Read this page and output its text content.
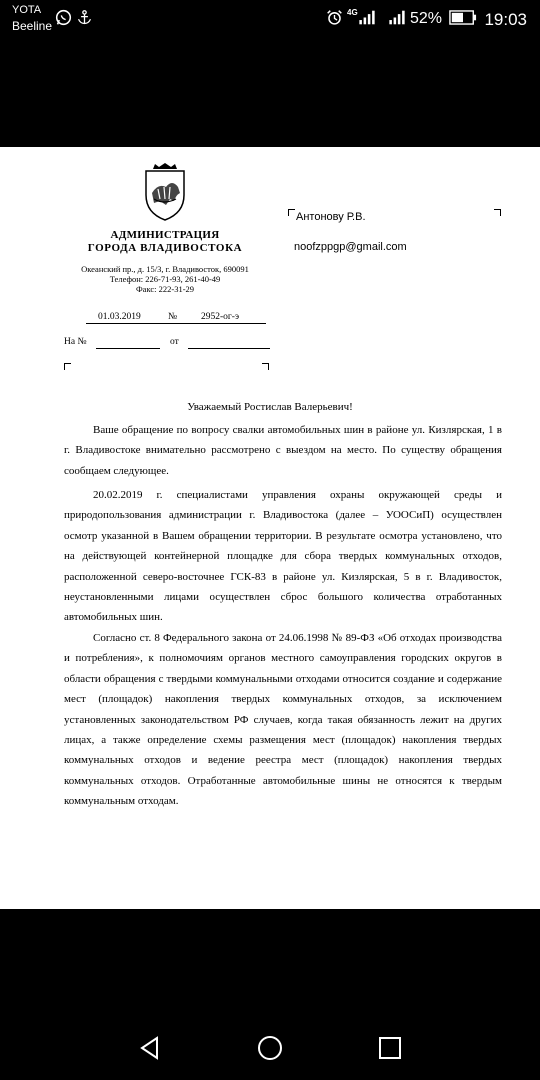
YOTA
Beeline
4G	52% 19:03
АДМИНИСТРАЦИЯ
ГОРОДА ВЛАДИВОСТОКА
Океанский пр., д. 15/3, г. Владивосток, 690091
Телефон: 226-71-93, 261-40-49
Факс: 222-31-29
01.03.2019	№	2952-ог-э
На №	от
Антонову Р.В.
noofzppgp@gmail.com
Уважаемый Ростислав Валерьевич!
Ваше обращение по вопросу свалки автомобильных шин в районе ул. Кизлярская, 1 в г. Владивостоке внимательно рассмотрено с выездом на место. По существу обращения сообщаем следующее.
20.02.2019 г. специалистами управления охраны окружающей среды и природопользования администрации г. Владивостока (далее – УООСиП) осуществлен осмотр указанной в Вашем обращении территории. В результате осмотра установлено, что на действующей контейнерной площадке для сбора твердых коммунальных отходов, расположенной северо-восточнее ГСК-83 в районе ул. Кизлярская, 5 в г. Владивосток, неустановленными лицами осуществлен сброс большого количества отработанных автомобильных шин.
Согласно ст. 8 Федерального закона от 24.06.1998 № 89-ФЗ «Об отходах производства и потребления», к полномочиям органов местного самоуправления городских округов в области обращения с твердыми коммунальными отходами относится создание и содержание мест (площадок) накопления твердых коммунальных отходов, за исключением установленных законодательством РФ случаев, когда такая обязанность лежит на других лицах, а также определение схемы размещения мест (площадок) накопления твердых коммунальных отходов и ведение реестра мест (площадок) накопления твердых коммунальных отходов. Отработанные автомобильные шины не относятся к твердым коммунальным отходам.
